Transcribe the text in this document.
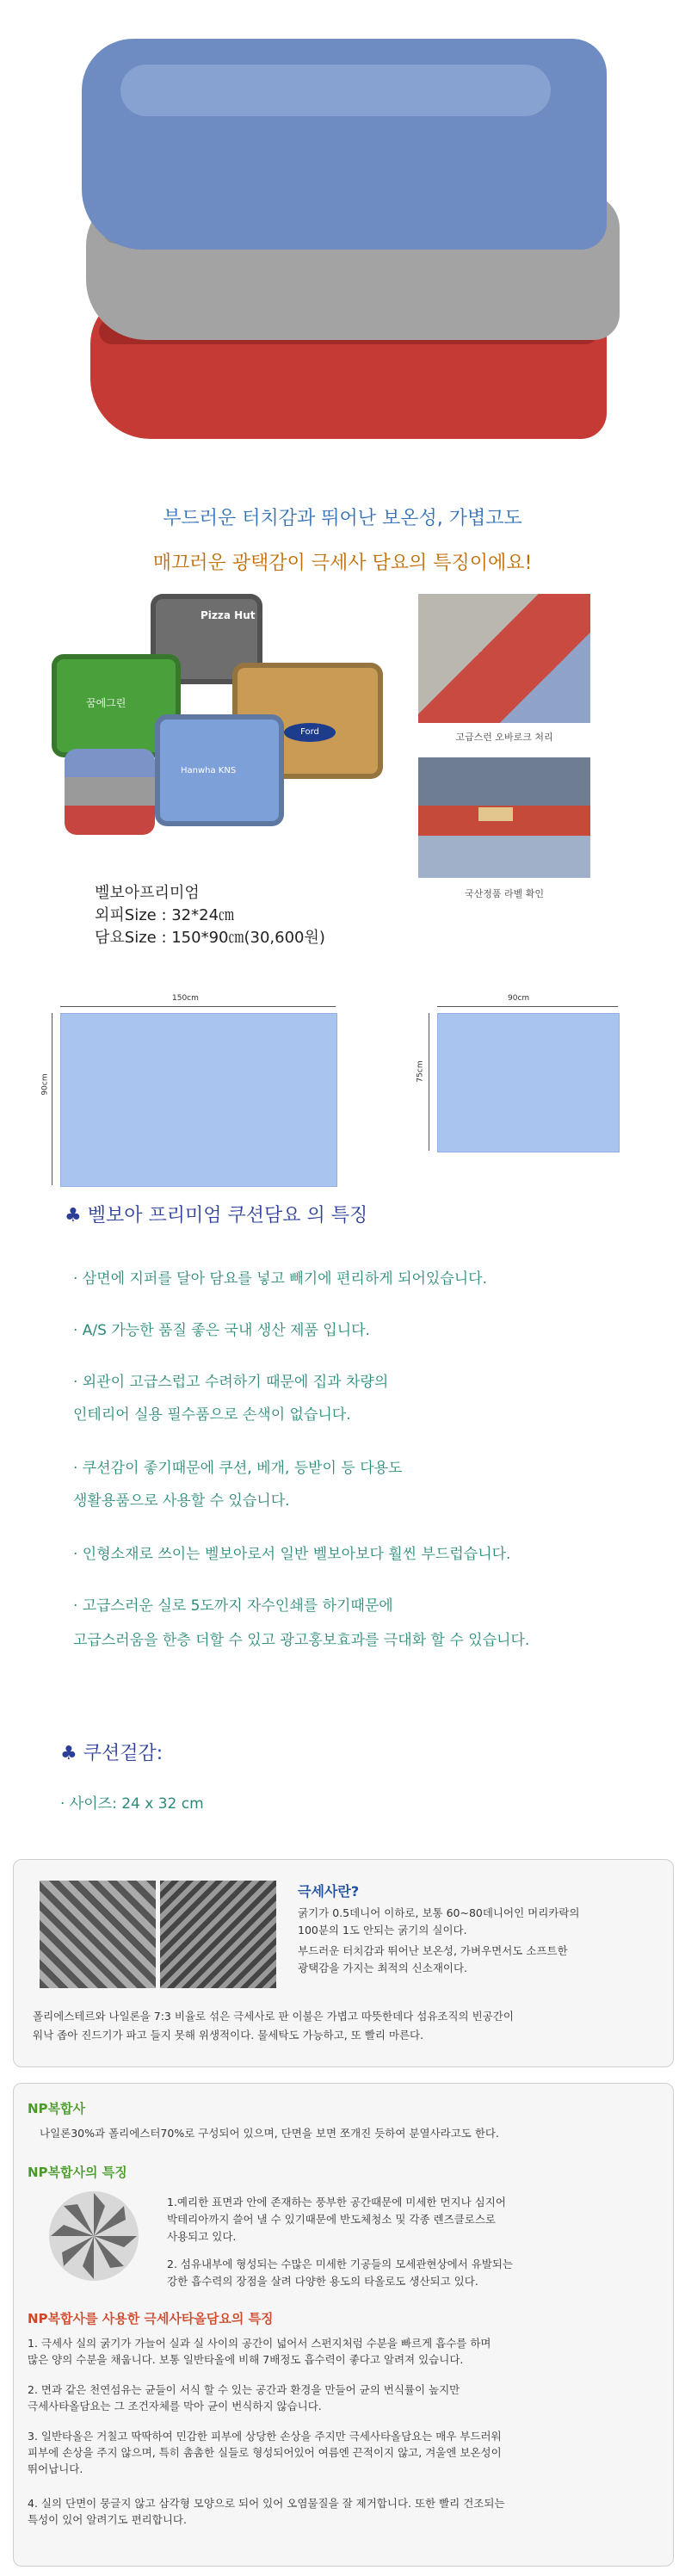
부드러운 터치감과 뛰어난 보온성, 가볍고도
매끄러운 광택감이 극세사 담요의 특징이에요!
Pizza Hut
꿈에그린
Ford
Hanwha KNS
고급스런 오바로크 처리
국산정품 라벨 확인
벨보아프리미엄
외피Size : 32*24㎝
담요Size : 150*90㎝(30,600원)
150cm
90cm
90cm
75cm
♣ 벨보아 프리미엄 쿠션담요 의 특징
· 삼면에 지퍼를 달아 담요를 넣고 빼기에 편리하게 되어있습니다.
· A/S 가능한 품질 좋은 국내 생산 제품 입니다.
· 외관이 고급스럽고 수려하기 때문에 집과 차량의
인테리어 실용 필수품으로 손색이 없습니다.
· 쿠션감이 좋기때문에 쿠션, 베개, 등받이 등 다용도
생활용품으로 사용할 수 있습니다.
· 인형소재로 쓰이는 벨보아로서 일반 벨보아보다 훨씬 부드럽습니다.
· 고급스러운 실로 5도까지 자수인쇄를 하기때문에
고급스러움을 한층 더할 수 있고 광고홍보효과를 극대화 할 수 있습니다.
♣ 쿠션겉감:
· 사이즈: 24 x 32 cm
극세사란?
굵기가 0.5데니어 이하로, 보통 60~80데니어인 머리카락의
100분의 1도 안되는 굵기의 실이다.
부드러운 터치감과 뛰어난 보온성, 가벼우면서도 소프트한
광택감을 가지는 최적의 신소재이다.
폴리에스테르와 나일론을 7:3 비율로 섞은 극세사로 판 이불은 가볍고 따뜻한데다 섬유조직의 빈공간이
워낙 좁아 진드기가 파고 들지 못해 위생적이다. 물세탁도 가능하고, 또 빨리 마른다.
NP복합사
나일론30%과 폴리에스터70%로 구성되어 있으며, 단면을 보면 쪼개진 듯하여 분열사라고도 한다.
NP복합사의 특징
1.예리한 표면과 안에 존재하는 풍부한 공간때문에 미세한 먼지나 심지어
박테리아까지 쓸어 낼 수 있기때문에 반도체청소 및 각종 렌즈클로스로
사용되고 있다.
2. 섬유내부에 형성되는 수많은 미세한 기공들의 모세관현상에서 유발되는
강한 흡수력의 장점을 살려 다양한 용도의 타올로도 생산되고 있다.
NP복합사를 사용한 극세사타올담요의 특징
1. 극세사 실의 굵기가 가늘어 실과 실 사이의 공간이 넓어서 스펀지처럼 수분을 빠르게 흡수를 하며
많은 양의 수분을 채웁니다. 보통 일반타올에 비해 7배정도 흡수력이 좋다고 알려져 있습니다.
2. 면과 같은 천연섬유는 균들이 서식 할 수 있는 공간과 환경을 만들어 균의 번식률이 높지만
극세사타올담요는 그 조건자체를 막아 균이 번식하지 않습니다.
3. 일반타올은 거칠고 딱딱하여 민감한 피부에 상당한 손상을 주지만 극세사타올담요는 매우 부드러워
피부에 손상을 주지 않으며, 특히 촘촘한 실들로 형성되어있어 여름엔 끈적이지 않고, 겨울엔 보온성이
뛰어납니다.
4. 실의 단면이 뭉글지 않고 삼각형 모양으로 되어 있어 오염물질을 잘 제거합니다. 또한 빨리 건조되는
특성이 있어 알려기도 편리합니다.
